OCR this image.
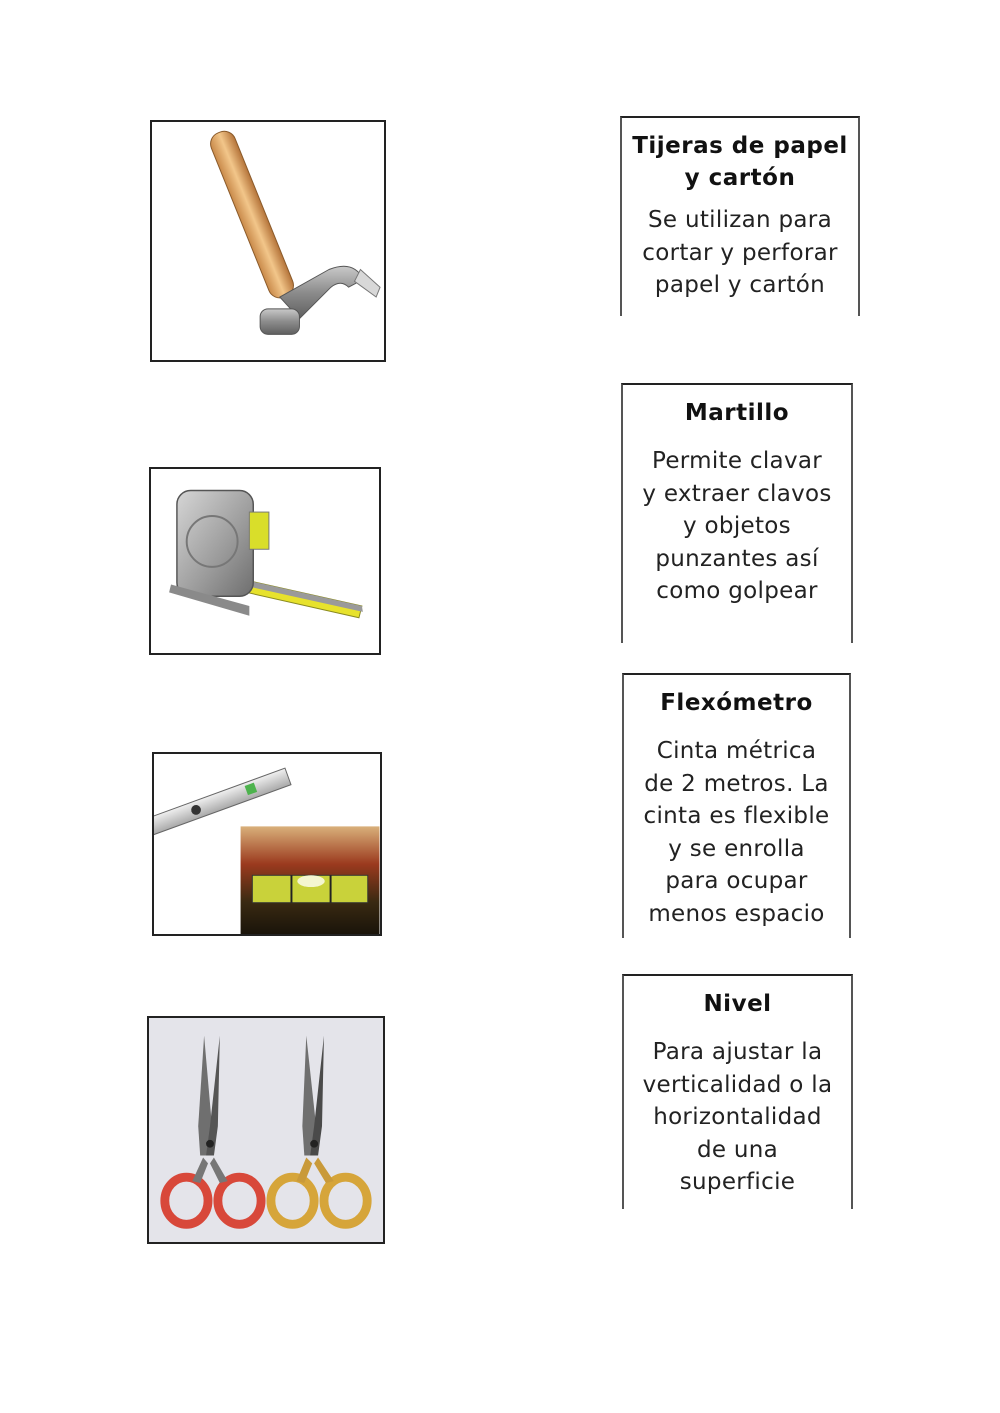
Tijeras de papel
y cartón
Se utilizan para
cortar y perforar
papel y cartón
Martillo
Permite clavar
y extraer clavos
y objetos
punzantes así
como golpear
Flexómetro
Cinta métrica
de 2 metros. La
cinta es flexible
y se enrolla
para ocupar
menos espacio
Nivel
Para ajustar la
verticalidad o la
horizontalidad
de una
superficie
